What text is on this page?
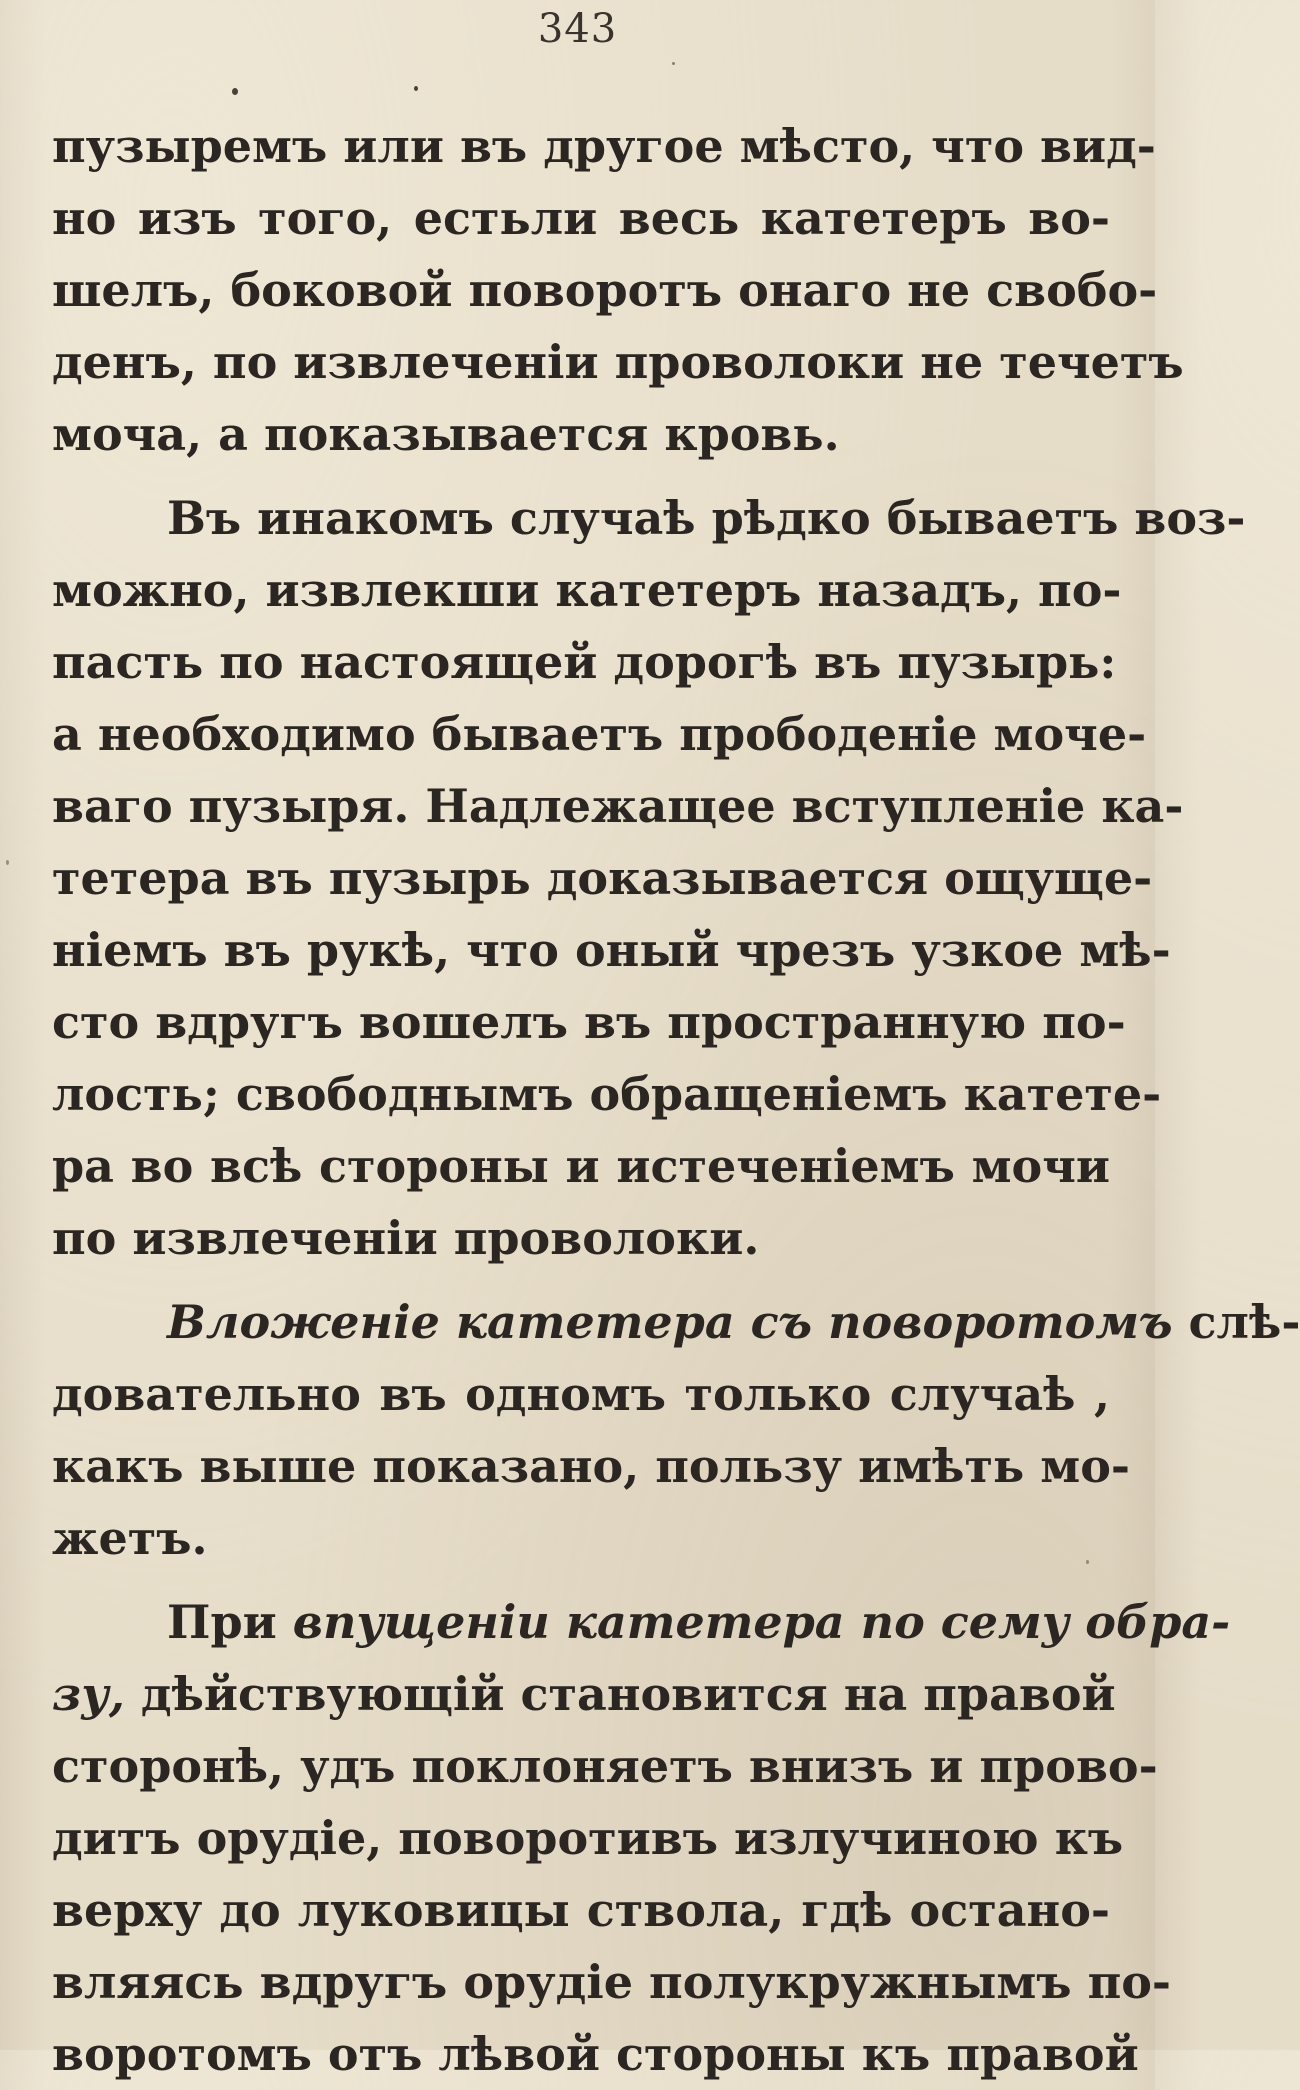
343
пузыремъ или въ другое мѣсто, что вид-
но изъ того, естьли весь катетеръ во-
шелъ, боковой поворотъ онаго не свобо-
денъ, по извлеченіи проволоки не течетъ
моча, а показывается кровь.
Въ инакомъ случаѣ рѣдко бываетъ воз-
можно, извлекши катетеръ назадъ, по-
пасть по настоящей дорогѣ въ пузырь:
а необходимо бываетъ прободеніе моче-
ваго пузыря. Надлежащее вступленіе ка-
тетера въ пузырь доказывается ощуще-
ніемъ въ рукѣ, что оный чрезъ узкое мѣ-
сто вдругъ вошелъ въ пространную по-
лость; свободнымъ обращеніемъ катете-
ра во всѣ стороны и истеченіемъ мочи
по извлеченіи проволоки.
Вложеніе катетера съ поворотомъ слѣ-
довательно въ одномъ только случаѣ ,
какъ выше показано, пользу имѣть мо-
жетъ.
При впущеніи катетера по сему обра-
зу, дѣйствующій становится на правой
сторонѣ, удъ поклоняетъ внизъ и прово-
дитъ орудіе, поворотивъ излучиною къ
верху до луковицы ствола, гдѣ остано-
вляясь вдругъ орудіе полукружнымъ по-
воротомъ отъ лѣвой стороны къ правой
